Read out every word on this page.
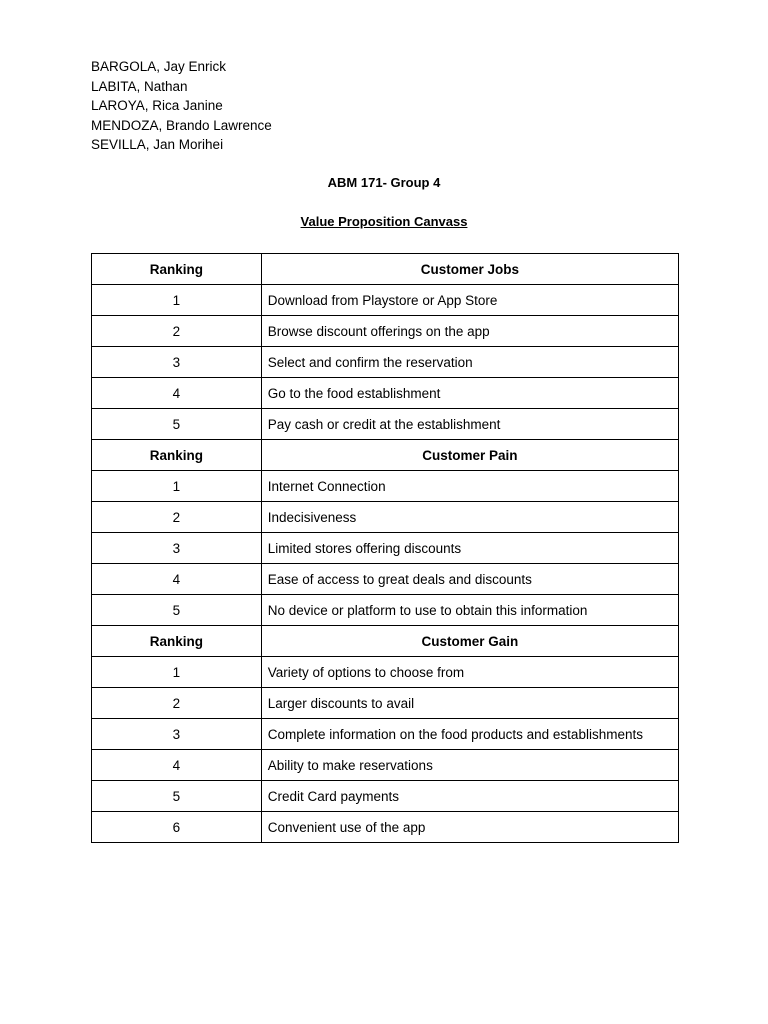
BARGOLA, Jay Enrick
LABITA, Nathan
LAROYA, Rica Janine
MENDOZA, Brando Lawrence
SEVILLA, Jan Morihei
ABM 171- Group 4
Value Proposition Canvass
Ranking	Customer Jobs
1	Download from Playstore or App Store
2	Browse discount offerings on the app
3	Select and confirm the reservation
4	Go to the food establishment
5	Pay cash or credit at the establishment
Ranking	Customer Pain
1	Internet Connection
2	Indecisiveness
3	Limited stores offering discounts
4	Ease of access to great deals and discounts
5	No device or platform to use to obtain this information
Ranking	Customer Gain
1	Variety of options to choose from
2	Larger discounts to avail
3	Complete information on the food products and establishments
4	Ability to make reservations
5	Credit Card payments
6	Convenient use of the app
